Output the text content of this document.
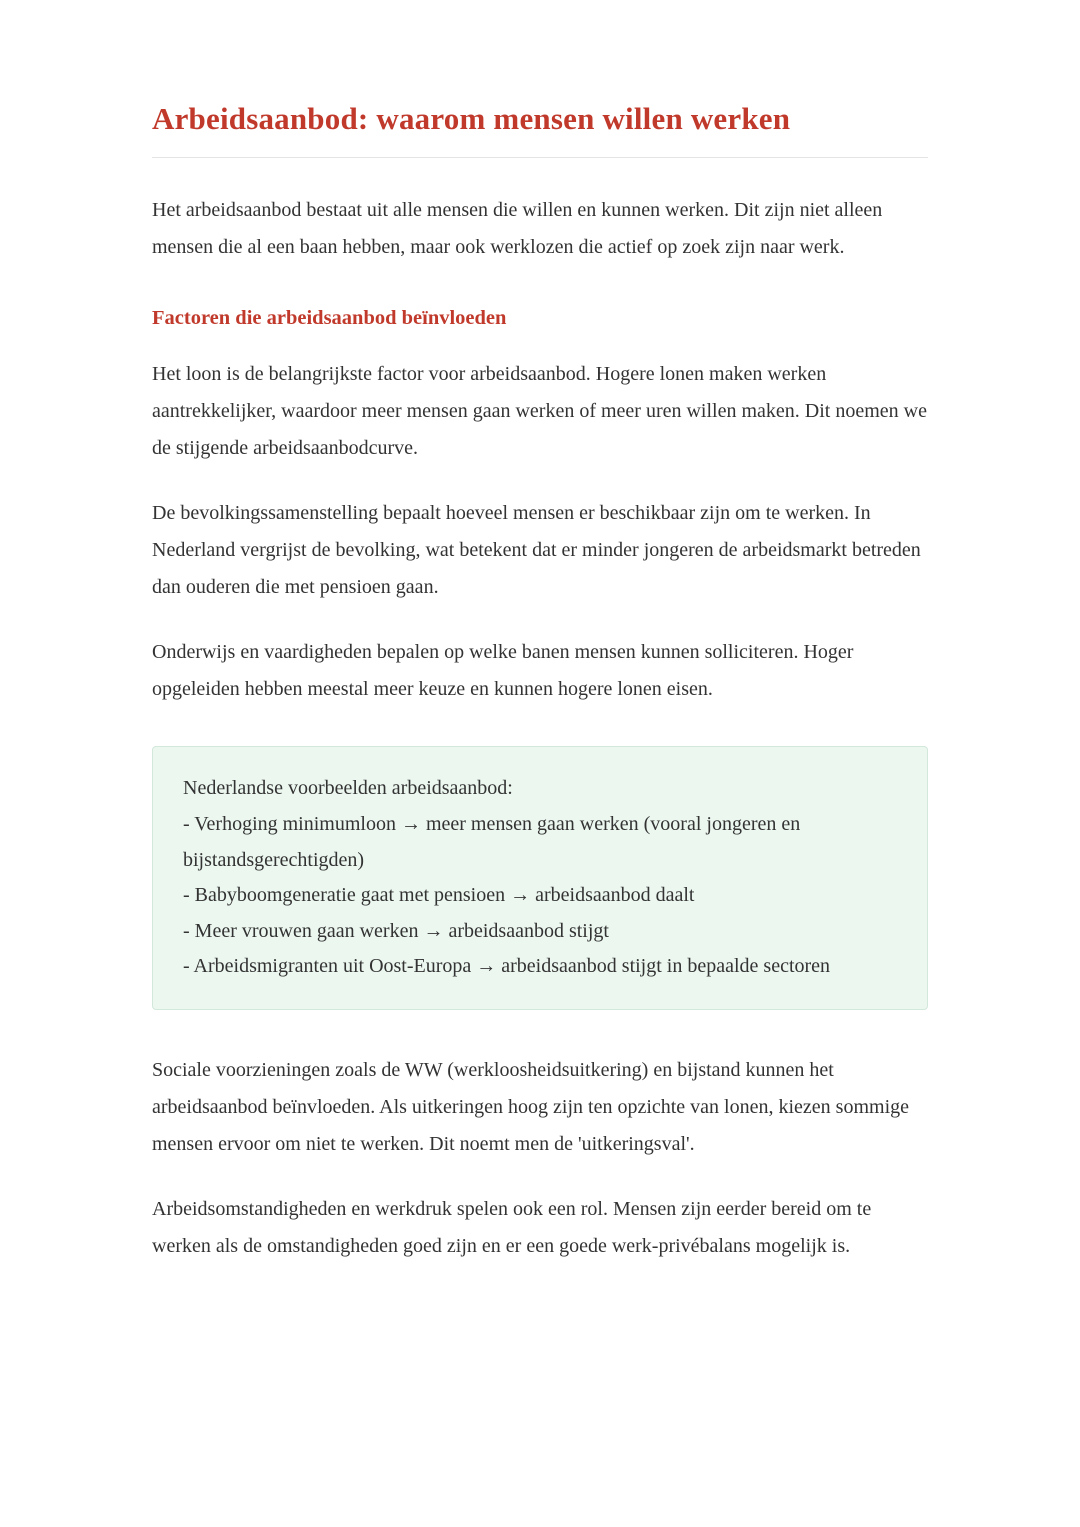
Arbeidsaanbod: waarom mensen willen werken

Het arbeidsaanbod bestaat uit alle mensen die willen en kunnen werken. Dit zijn niet alleen mensen die al een baan hebben, maar ook werklozen die actief op zoek zijn naar werk.

Factoren die arbeidsaanbod beïnvloeden

Het loon is de belangrijkste factor voor arbeidsaanbod. Hogere lonen maken werken aantrekkelijker, waardoor meer mensen gaan werken of meer uren willen maken. Dit noemen we de stijgende arbeidsaanbodcurve.

De bevolkingssamenstelling bepaalt hoeveel mensen er beschikbaar zijn om te werken. In Nederland vergrijst de bevolking, wat betekent dat er minder jongeren de arbeidsmarkt betreden dan ouderen die met pensioen gaan.

Onderwijs en vaardigheden bepalen op welke banen mensen kunnen solliciteren. Hoger opgeleiden hebben meestal meer keuze en kunnen hogere lonen eisen.

Nederlandse voorbeelden arbeidsaanbod:

- Verhoging minimumloon → meer mensen gaan werken (vooral jongeren en bijstandsgerechtigden)

- Babyboomgeneratie gaat met pensioen → arbeidsaanbod daalt

- Meer vrouwen gaan werken → arbeidsaanbod stijgt

- Arbeidsmigranten uit Oost-Europa → arbeidsaanbod stijgt in bepaalde sectoren

Sociale voorzieningen zoals de WW (werkloosheidsuitkering) en bijstand kunnen het arbeidsaanbod beïnvloeden. Als uitkeringen hoog zijn ten opzichte van lonen, kiezen sommige mensen ervoor om niet te werken. Dit noemt men de 'uitkeringsval'.

Arbeidsomstandigheden en werkdruk spelen ook een rol. Mensen zijn eerder bereid om te werken als de omstandigheden goed zijn en er een goede werk-privébalans mogelijk is.
